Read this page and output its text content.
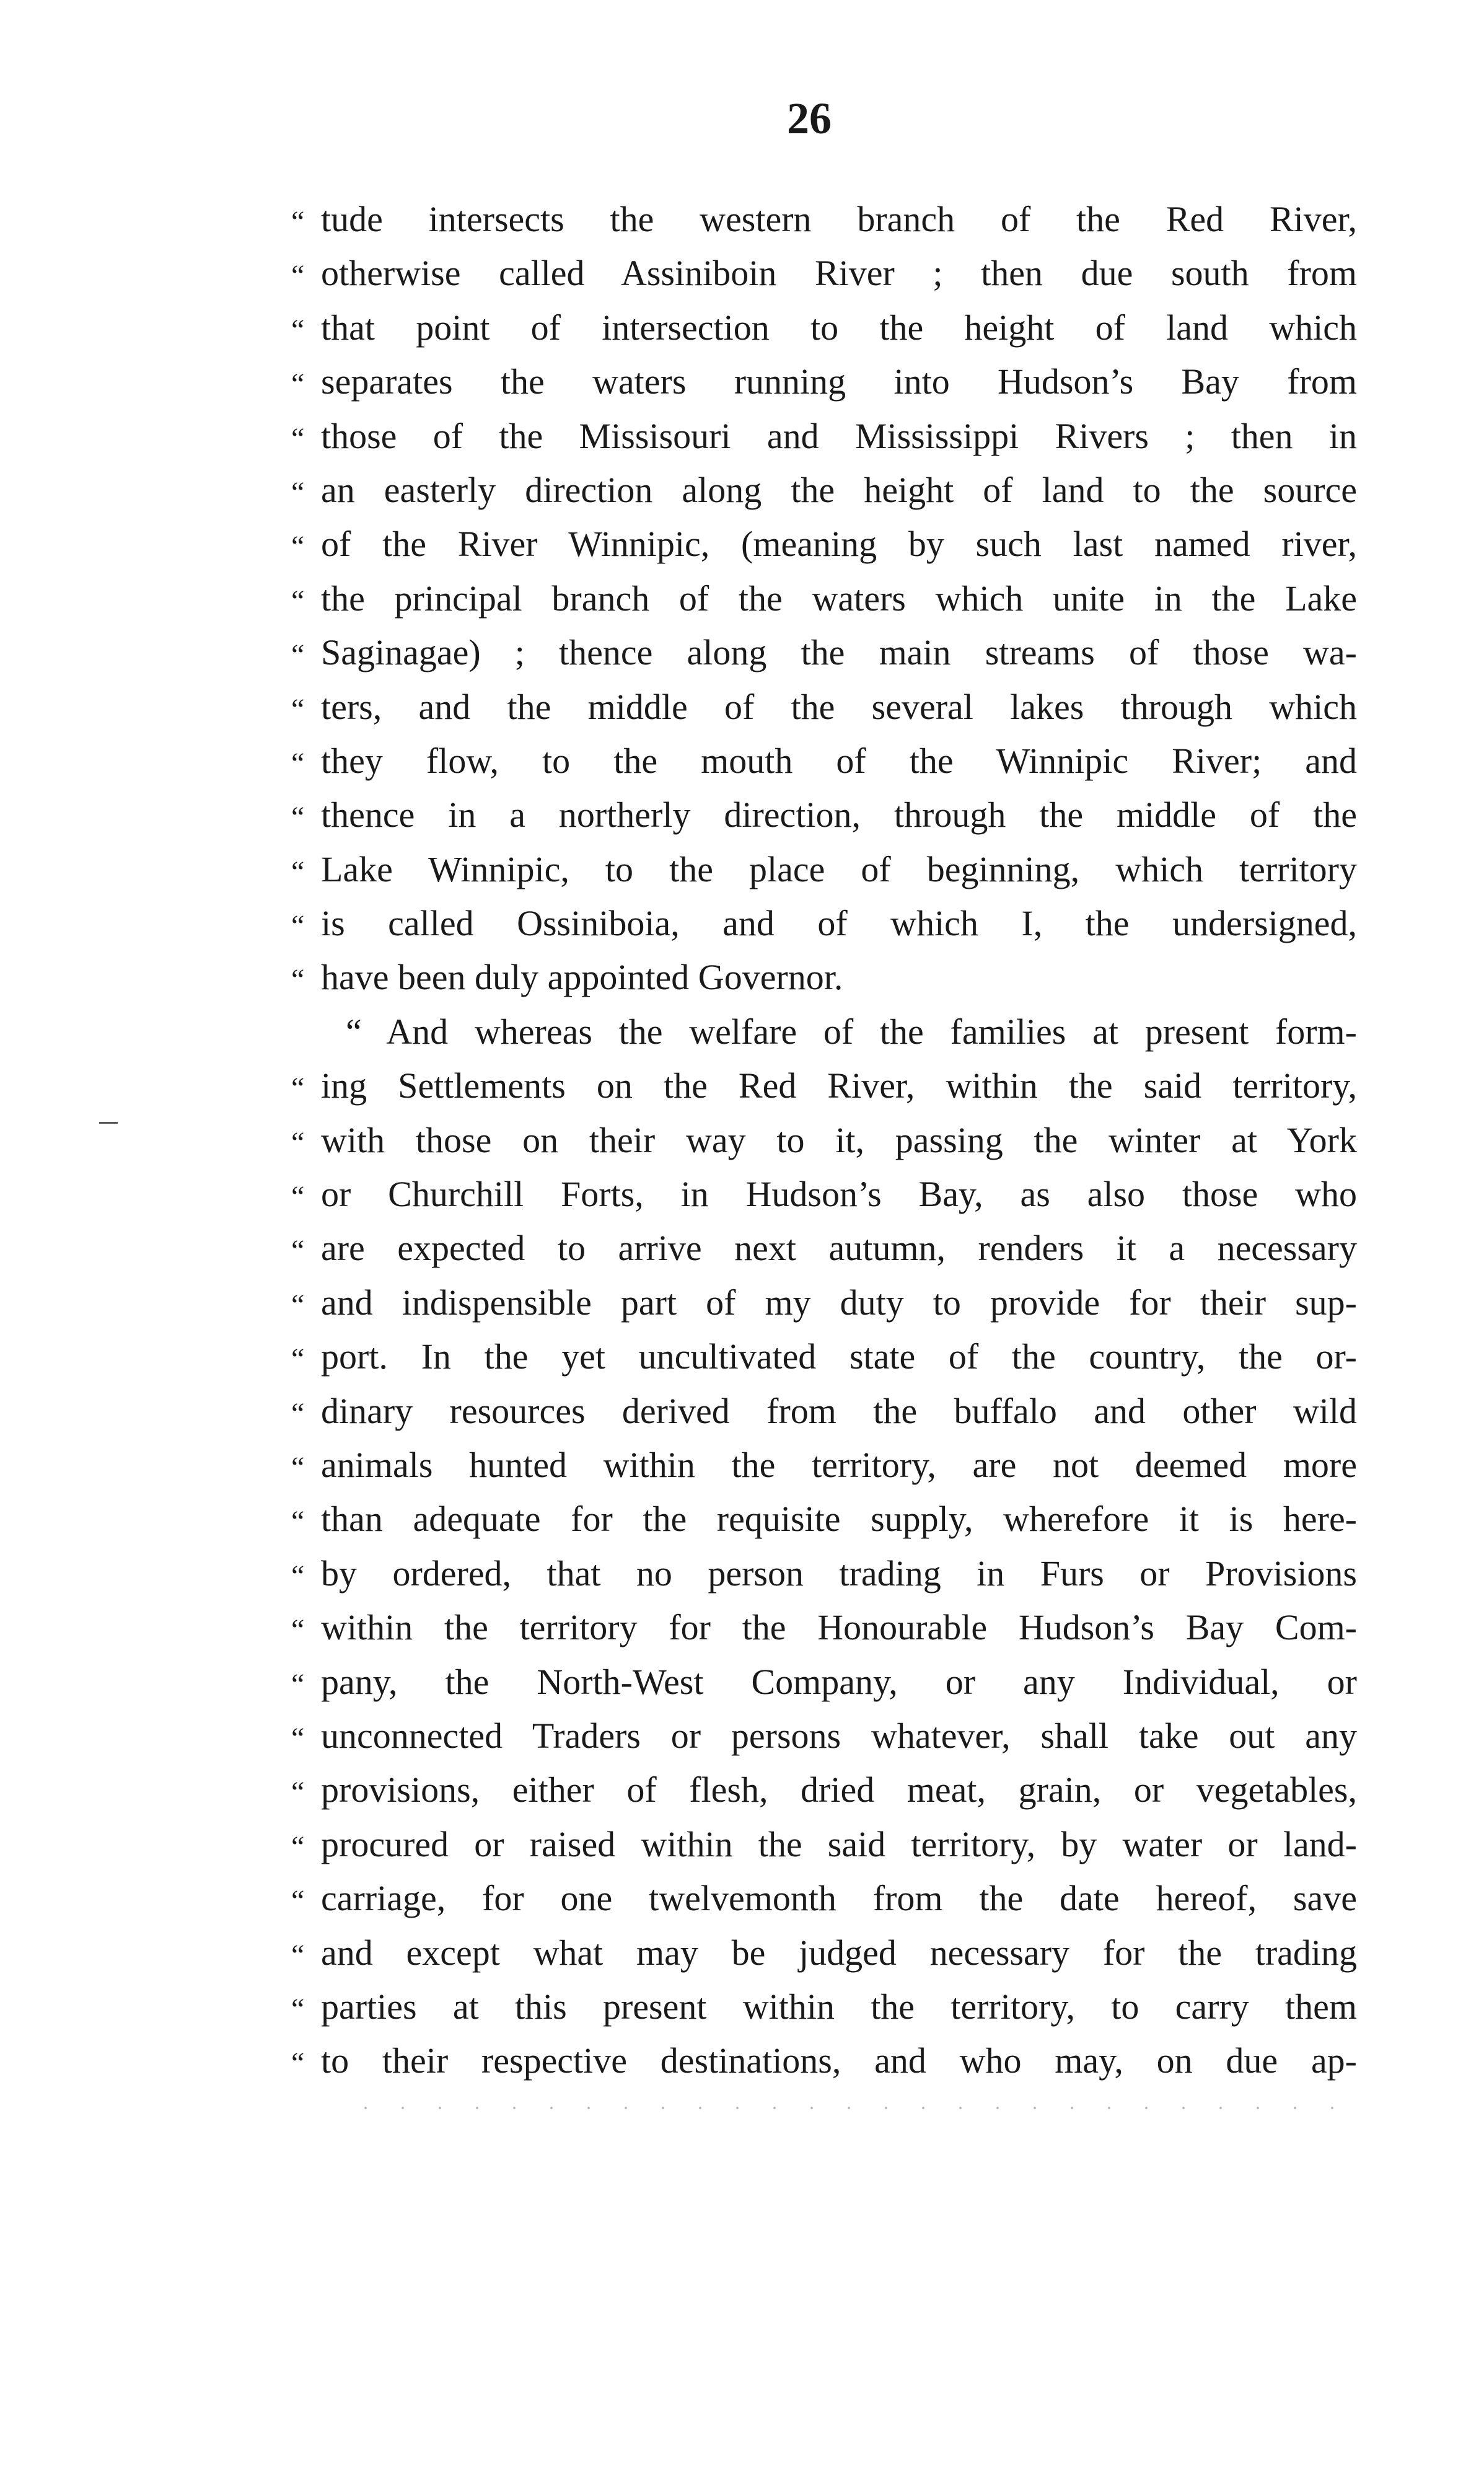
26
“ tude intersects the western branch of the Red River,
“ otherwise called Assiniboin River ; then due south from
“ that point of intersection to the height of land which
“ separates the waters running into Hudson’s Bay from
“ those of the Missisouri and Mississippi Rivers ; then in
“ an easterly direction along the height of land to the source
“ of the River Winnipic, (meaning by such last named river,
“ the principal branch of the waters which unite in the Lake
“ Saginagae) ; thence along the main streams of those wa-
“ ters, and the middle of the several lakes through which
“ they flow, to the mouth of the Winnipic River; and
“ thence in a northerly direction, through the middle of the
“ Lake Winnipic, to the place of beginning, which territory
“ is called Ossiniboia, and of which I, the undersigned,
“ have been duly appointed Governor.
“ And whereas the welfare of the families at present form-
“ ing Settlements on the Red River, within the said territory,
“ with those on their way to it, passing the winter at York
“ or Churchill Forts, in Hudson’s Bay, as also those who
“ are expected to arrive next autumn, renders it a necessary
“ and indispensible part of my duty to provide for their sup-
“ port. In the yet uncultivated state of the country, the or-
“ dinary resources derived from the buffalo and other wild
“ animals hunted within the territory, are not deemed more
“ than adequate for the requisite supply, wherefore it is here-
“ by ordered, that no person trading in Furs or Provisions
“ within the territory for the Honourable Hudson’s Bay Com-
“ pany, the North-West Company, or any Individual, or
“ unconnected Traders or persons whatever, shall take out any
“ provisions, either of flesh, dried meat, grain, or vegetables,
“ procured or raised within the said territory, by water or land-
“ carriage, for one twelvemonth from the date hereof, save
“ and except what may be judged necessary for the trading
“ parties at this present within the territory, to carry them
“ to their respective destinations, and who may, on due ap-
